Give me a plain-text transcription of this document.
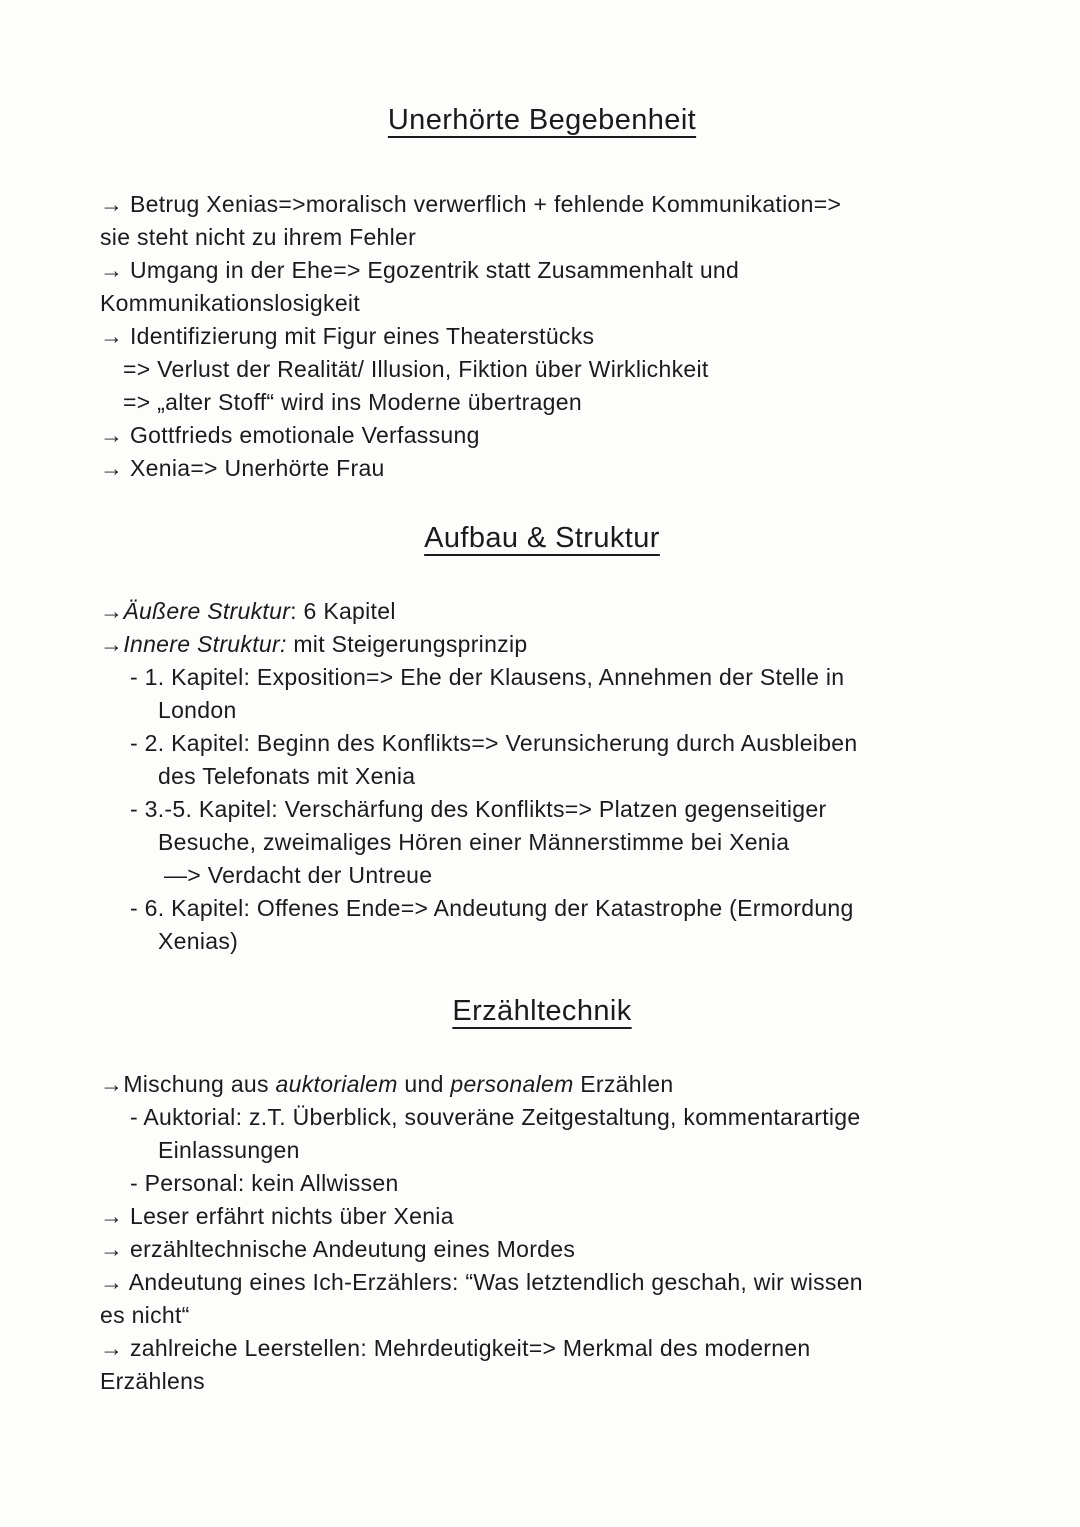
Unerhörte Begebenheit
→ Betrug Xenias=>moralisch verwerflich + fehlende Kommunikation=>
sie steht nicht zu ihrem Fehler
→ Umgang in der Ehe=> Egozentrik statt Zusammenhalt und
Kommunikationslosigkeit
→ Identifizierung mit Figur eines Theaterstücks
=> Verlust der Realität/ Illusion, Fiktion über Wirklichkeit
=> „alter Stoff“ wird ins Moderne übertragen
→ Gottfrieds emotionale Verfassung
→ Xenia=> Unerhörte Frau
Aufbau & Struktur
→Äußere Struktur: 6 Kapitel
→Innere Struktur: mit Steigerungsprinzip
- 1. Kapitel: Exposition=> Ehe der Klausens, Annehmen der Stelle in
London
- 2. Kapitel: Beginn des Konflikts=> Verunsicherung durch Ausbleiben
des Telefonats mit Xenia
- 3.-5. Kapitel: Verschärfung des Konflikts=> Platzen gegenseitiger
Besuche, zweimaliges Hören einer Männerstimme bei Xenia
—> Verdacht der Untreue
- 6. Kapitel: Offenes Ende=> Andeutung der Katastrophe (Ermordung
Xenias)
Erzähltechnik
→Mischung aus auktorialem und personalem Erzählen
- Auktorial: z.T. Überblick, souveräne Zeitgestaltung, kommentarartige
Einlassungen
- Personal: kein Allwissen
→ Leser erfährt nichts über Xenia
→ erzähltechnische Andeutung eines Mordes
→ Andeutung eines Ich-Erzählers: “Was letztendlich geschah, wir wissen
es nicht“
→ zahlreiche Leerstellen: Mehrdeutigkeit=> Merkmal des modernen
Erzählens
